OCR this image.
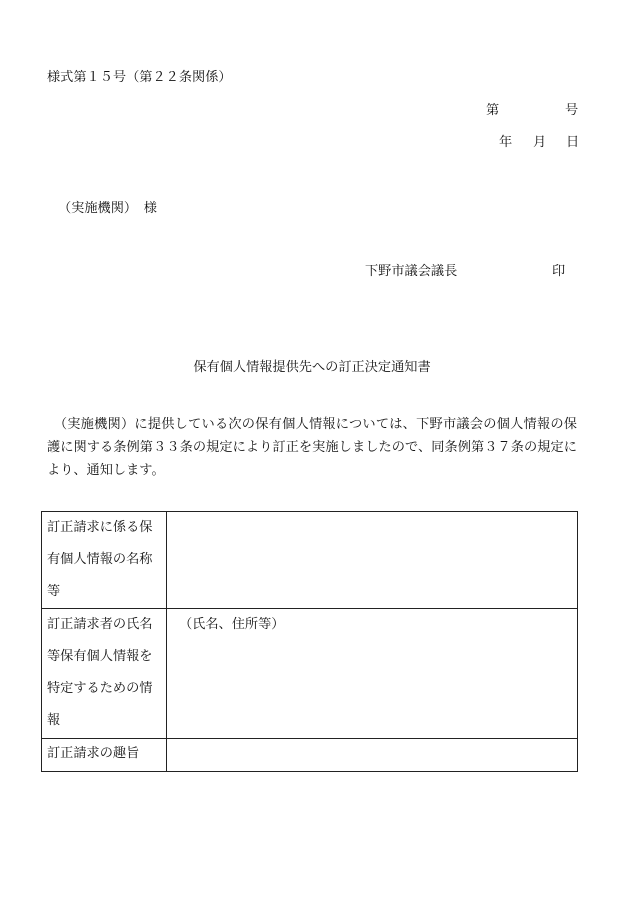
様式第１５号（第２２条関係）
第	号
年 月 日
（実施機関）　様
下野市議会議長	印
保有個人情報提供先への訂正決定通知書
　（実施機関）に提供している次の保有個人情報については、下野市議会の個人情報の保
護に関する条例第３３条の規定により訂正を実施しましたので、同条例第３７条の規定に
より、通知します。
訂正請求に係る保
有個人情報の名称
等
訂正請求者の氏名
等保有個人情報を
特定するための情
報
（氏名、住所等）
訂正請求の趣旨
